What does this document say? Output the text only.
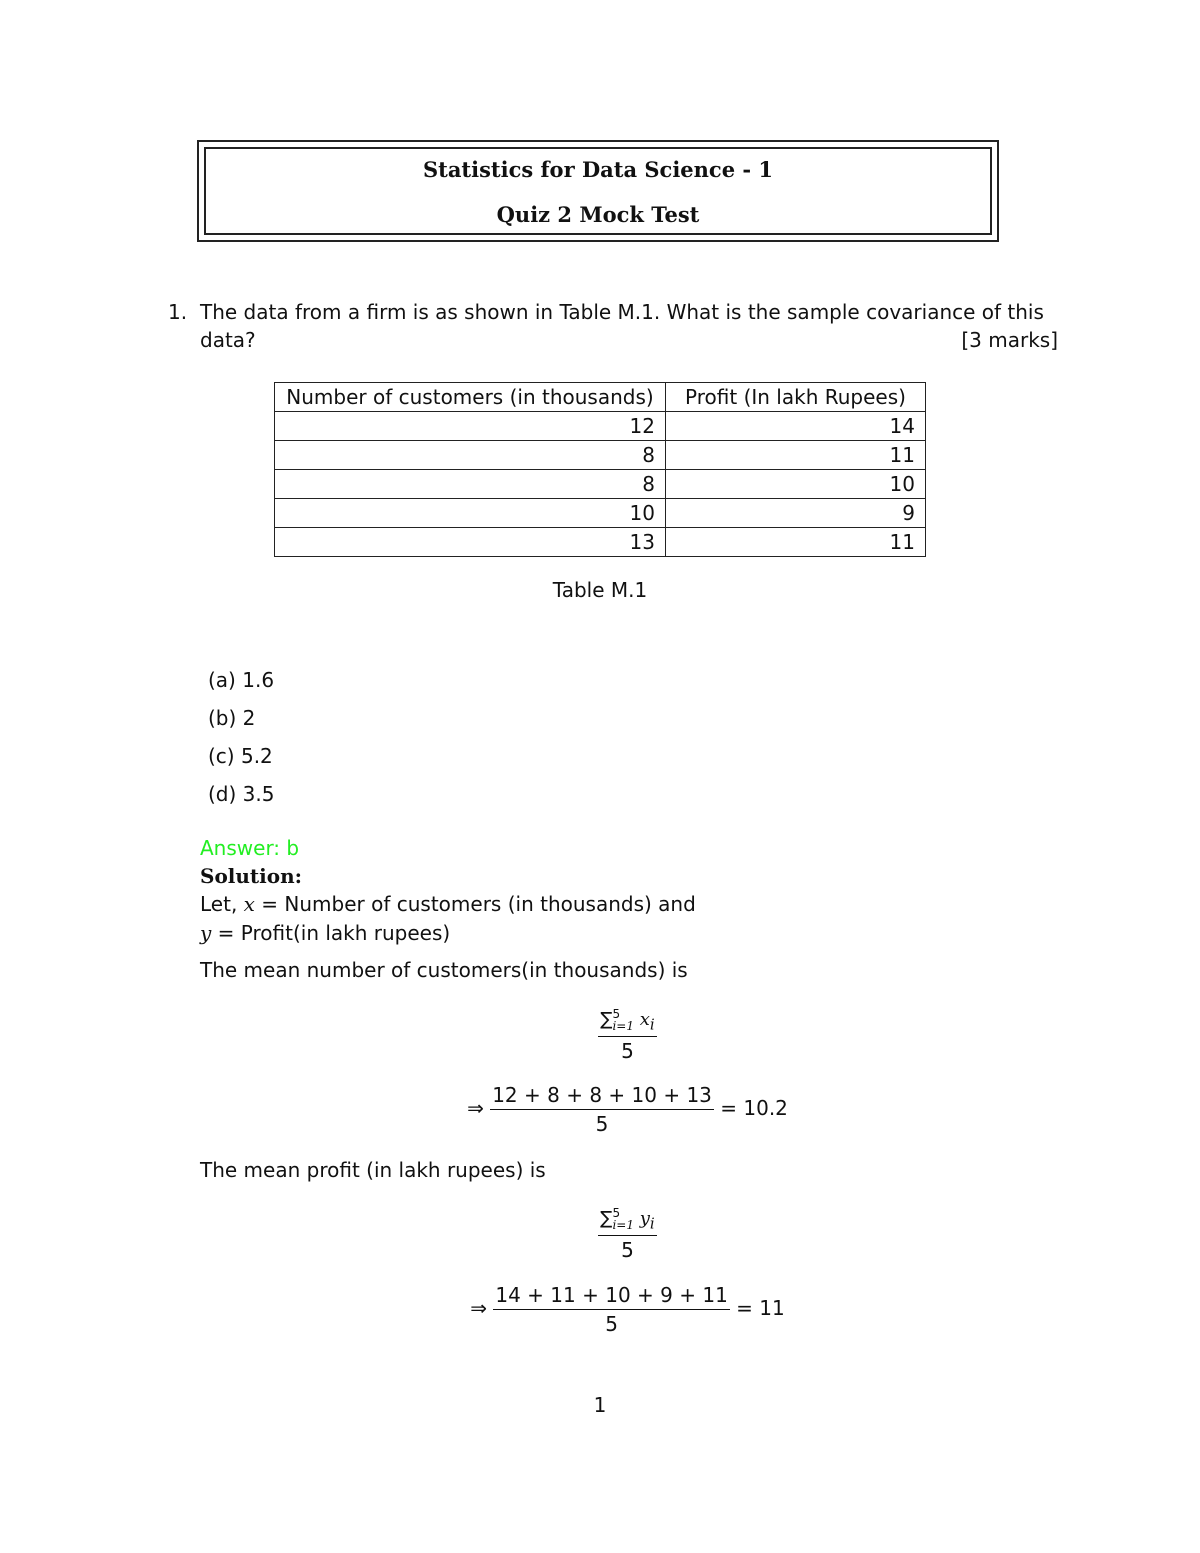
Statistics for Data Science - 1
Quiz 2 Mock Test
1. The data from a firm is as shown in Table M.1. What is the sample covariance of this
data?	[3 marks]
Number of customers (in thousands)	Profit (In lakh Rupees)
12	14
8	11
8	10
10	9
13	11
Table M.1
(a) 1.6
(b) 2
(c) 5.2
(d) 3.5
Answer: b
Solution:
Let, x = Number of customers (in thousands) and
y = Profit(in lakh rupees)
The mean number of customers(in thousands) is
∑5
i=1 $x_i$
5
⇒ $\frac{12 + 8 + 8 + 10 + 13}{5} = 10.2$
The mean profit (in lakh rupees) is
∑5
i=1 $y_i$
5
⇒ $\frac{14 + 11 + 10 + 9 + 11}{5} = 11$
1
